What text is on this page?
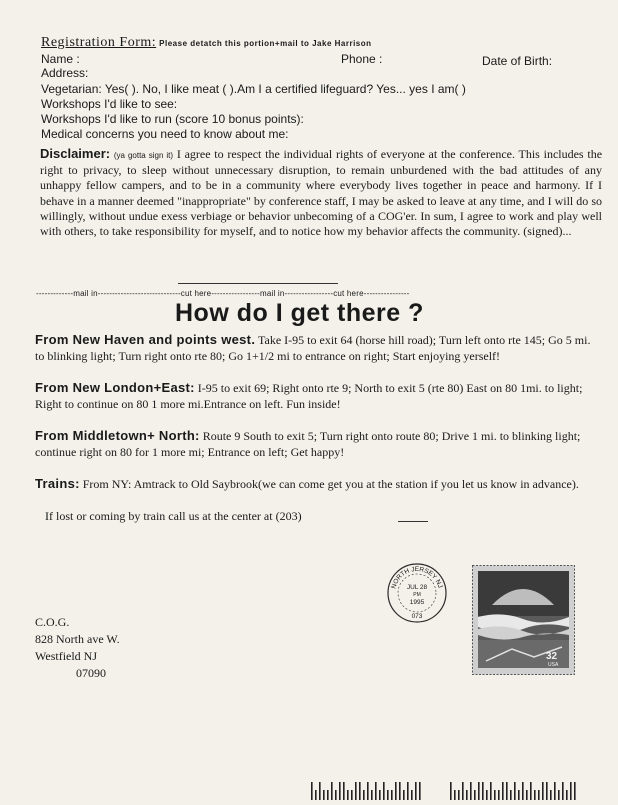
Registration Form: Please detatch this portion+mail to Jake Harrison
Name :	Phone :	Date of Birth:
Address:
Vegetarian: Yes( ). No, I like meat ( ).Am I a certified lifeguard? Yes... yes I am( )
Workshops I'd like to see:
Workshops I'd like to run (score 10 bonus points):
Medical concerns you need to know about me:
Disclaimer: (ya gotta sign it) I agree to respect the individual rights of everyone at the conference. This includes the right to privacy, to sleep without unnecessary disruption, to remain unburdened with the bad attitudes of any unhappy fellow campers, and to be in a community where everybody lives together in peace and harmony. If I behave in a manner deemed "inappropriate" by conference staff, I may be asked to leave at any time, and I will do so willingly, without undue exess verbiage or behavior unbecoming of a COG'er. In sum, I agree to work and play well with others, to take responsibility for myself, and to notice how my behavior affects the community. (signed)...
-------------mail in-----------------------------cut here-----------------mail in-----------------cut here----------------
How do I get there ?
From New Haven and points west. Take I-95 to exit 64 (horse hill road); Turn left onto rte 145; Go 5 mi. to blinking light; Turn right onto rte 80; Go 1+1/2 mi to entrance on right; Start enjoying yerself!
From New London+East: I-95 to exit 69; Right onto rte 9; North to exit 5 (rte 80) East on 80 1mi. to light; Right to continue on 80 1 more mi.Entrance on left. Fun inside!
From Middletown+ North: Route 9 South to exit 5; Turn right onto route 80; Drive 1 mi. to blinking light; continue right on 80 for 1 more mi; Entrance on left; Get happy!
Trains: From NY: Amtrack to Old Saybrook(we can come get you at the station if you let us know in advance).
If lost or coming by train call us at the center at (203)
NORTH JERSEY NJ
JUL 28
PM
1995
073
32
USA
C.O.G.
828 North ave W.
Westfield NJ
07090
